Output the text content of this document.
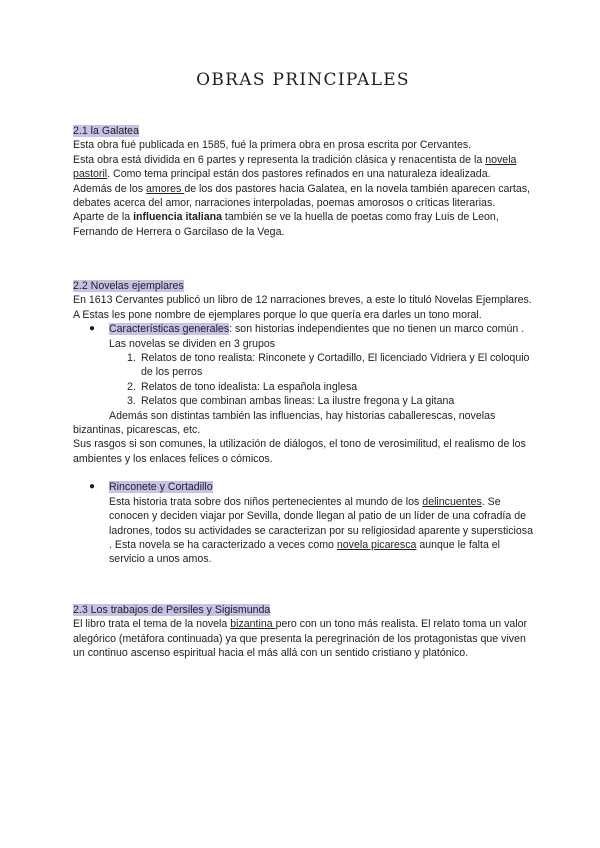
OBRAS PRINCIPALES

2.1 la Galatea

Esta obra fué publicada en 1585, fué la primera obra en prosa escrita por Cervantes.

Esta obra está dividida en 6 partes y representa la tradición clásica y renacentista de la novela pastoril. Como tema principal están dos pastores refinados en una naturaleza idealizada.

Además de los amores de los dos pastores hacia Galatea, en la novela también aparecen cartas, debates acerca del amor, narraciones interpoladas, poemas amorosos o críticas literarias.

Aparte de la influencia italiana también se ve la huella de poetas como fray Luis de Leon, Fernando de Herrera o Garcilaso de la Vega.

2.2 Novelas ejemplares

En 1613 Cervantes publicó un libro de 12 narraciones breves, a este lo tituló Novelas Ejemplares. A Estas les pone nombre de ejemplares porque lo que quería era darles un tono moral.

● Características generales: son historias independientes que no tienen un marco común .

Las novelas se dividen en 3 grupos

1. Relatos de tono realista: Rinconete y Cortadillo, El licenciado Vidriera y El coloquio de los perros

2. Relatos de tono idealista: La española inglesa

3. Relatos que combinan ambas lineas: La ilustre fregona y La gitana

Además son distintas también las influencias, hay historias caballerescas, novelas bizantinas, picarescas, etc.

Sus rasgos si son comunes, la utilización de diálogos, el tono de verosimilitud, el realismo de los ambientes y los enlaces felices o cómicos.

● Rinconete y Cortadillo

Esta historia trata sobre dos niños pertenecientes al mundo de los delincuentes. Se conocen y deciden viajar por Sevilla, donde llegan al patio de un líder de una cofradía de ladrones, todos su actividades se caracterizan por su religiosidad aparente y supersticiosa . Esta novela se ha caracterizado a veces como novela picaresca aunque le falta el servicio a unos amos.

2.3 Los trabajos de Persiles y Sigismunda

El libro trata el tema de la novela bizantina pero con un tono más realista. El relato toma un valor alegórico (metáfora continuada) ya que presenta la peregrinación de los protagonistas que viven un continuo ascenso espiritual hacia el más allá con un sentido cristiano y platónico.
